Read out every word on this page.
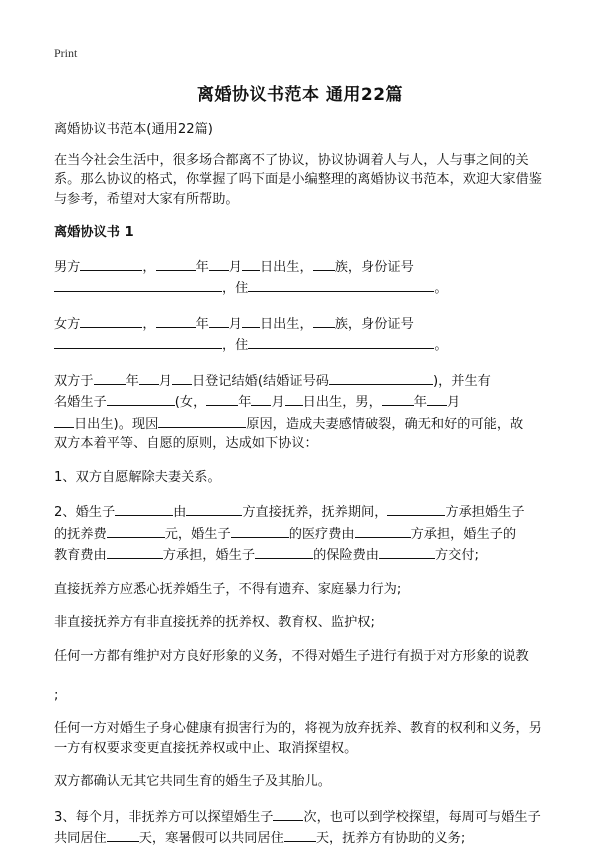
Print
离婚协议书范本 通用22篇

离婚协议书范本(通用22篇)

在当今社会生活中，很多场合都离不了协议，协议协调着人与人，人与事之间的关系。那么协议的格式，你掌握了吗下面是小编整理的离婚协议书范本，欢迎大家借鉴与参考，希望对大家有所帮助。

离婚协议书 1

男方	，	年 月 日出生， 族，身份证号
，住	。

女方	，	年 月 日出生， 族，身份证号
，住	。

双方于 年 月 日登记结婚(结婚证号码	)，并生有
名婚生子	(女， 年 月 日出生，男， 年 月
日出生)。现因	原因，造成夫妻感情破裂，确无和好的可能，故
双方本着平等、自愿的原则，达成如下协议：

1、双方自愿解除夫妻关系。

2、婚生子	由	方直接抚养，抚养期间，	方承担婚生子
的抚养费	元，婚生子	的医疗费由	方承担，婚生子的
教育费由	方承担，婚生子	的保险费由	方交付;

直接抚养方应悉心抚养婚生子，不得有遗弃、家庭暴力行为;

非直接抚养方有非直接抚养的抚养权、教育权、监护权;

任何一方都有维护对方良好形象的义务，不得对婚生子进行有损于对方形象的说教

;

任何一方对婚生子身心健康有损害行为的，将视为放弃抚养、教育的权利和义务，另一方有权要求变更直接抚养权或中止、取消探望权。

双方都确认无其它共同生育的婚生子及其胎儿。

3、每个月，非抚养方可以探望婚生子 次，也可以到学校探望，每周可与婚生子共同居住 天，寒暑假可以共同居住 天，抚养方有协助的义务;
